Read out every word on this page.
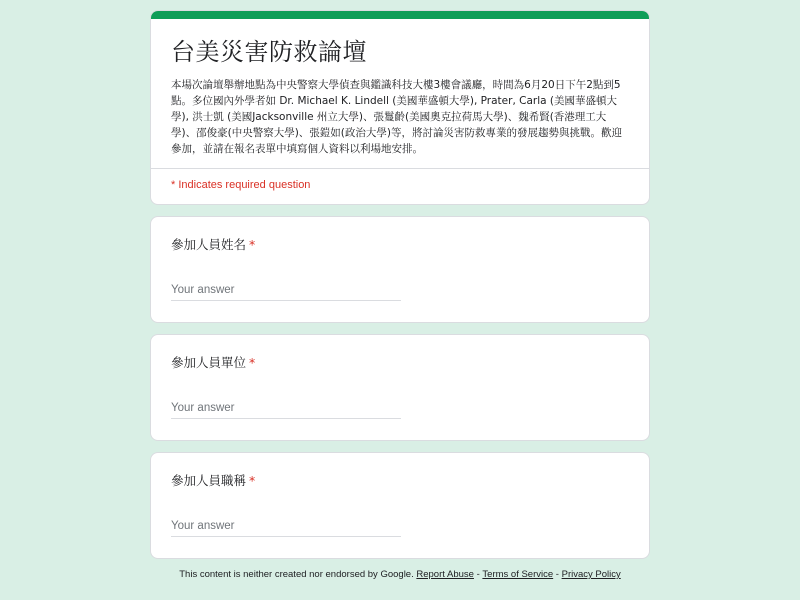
台美災害防救論壇
本場次論壇舉辦地點為中央警察大學偵查與鑑識科技大樓3樓會議廳，時間為6月20日下午2點到5點。多位國內外學者如 Dr. Michael K. Lindell (美國華盛頓大學), Prater, Carla (美國華盛頓大學), 洪士凱 (美國Jacksonville 州立大學)、張鬘齡(美國奧克拉荷馬大學)、魏希賢(香港理工大學)、邵俊豪(中央警察大學)、張鎧如(政治大學)等，將討論災害防救專業的發展趨勢與挑戰。歡迎參加，並請在報名表單中填寫個人資料以利場地安排。
* Indicates required question
參加人員姓名 *
Your answer
參加人員單位 *
Your answer
參加人員職稱 *
Your answer
This content is neither created nor endorsed by Google. Report Abuse - Terms of Service - Privacy Policy
